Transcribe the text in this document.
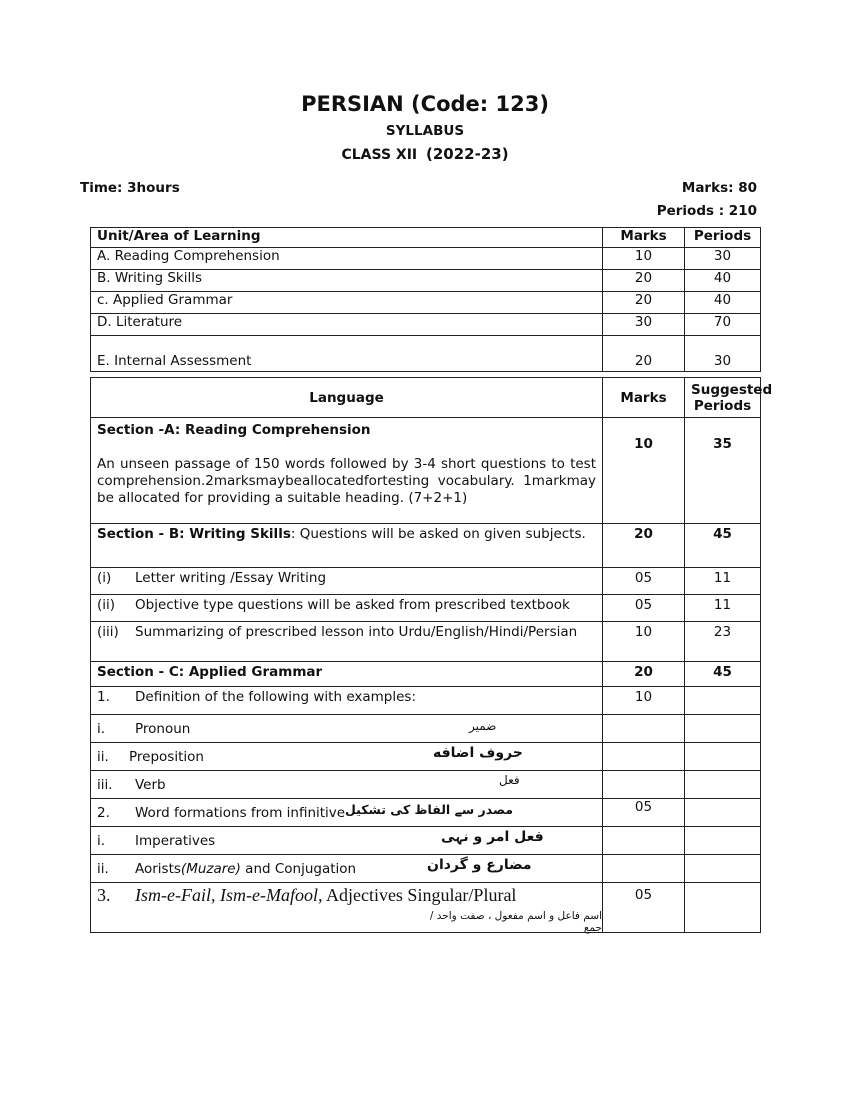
PERSIAN (Code: 123)
SYLLABUS
CLASS XII (2022-23)
Time: 3hours	Marks: 80
Periods : 210
Unit/Area of Learning	Marks	Periods
A. Reading Comprehension	10	30
B. Writing Skills	20	40
c. Applied Grammar	20	40
D. Literature	30	70
E. Internal Assessment	20	30
Language	Marks	Suggested
Periods

Section -A: Reading Comprehension
An unseen passage of 150 words followed by 3-4 short questions to test comprehension.2marksmaybeallocatedfortesting vocabulary. 1markmay be allocated for providing a suitable heading. (7+2+1)	10	35
Section - B: Writing Skills: Questions will be asked on given subjects.	20	45
(i) Letter writing /Essay Writing	05	11
(ii) Objective type questions will be asked from prescribed textbook	05	11
(iii) Summarizing of prescribed lesson into Urdu/English/Hindi/Persian	10	23
Section - C: Applied Grammar	20	45
1. Definition of the following with examples:	10	
i. Pronoun ضمیر		

ii. Preposition حروف اضافه		

iii. Verb فعل		

2. Word formations from infinitive مصدر سے الفاظ کی تشکیل	05	
i. Imperatives فعل امر و نہی		

ii. Aorists(Muzare) and Conjugation مضارع و گردان		

3. Ism-e-Fail, Ism-e-Mafool, Adjectives Singular/Plural
اسم فاعل و اسم مفعول ، صفت واحد / جمع	05	
